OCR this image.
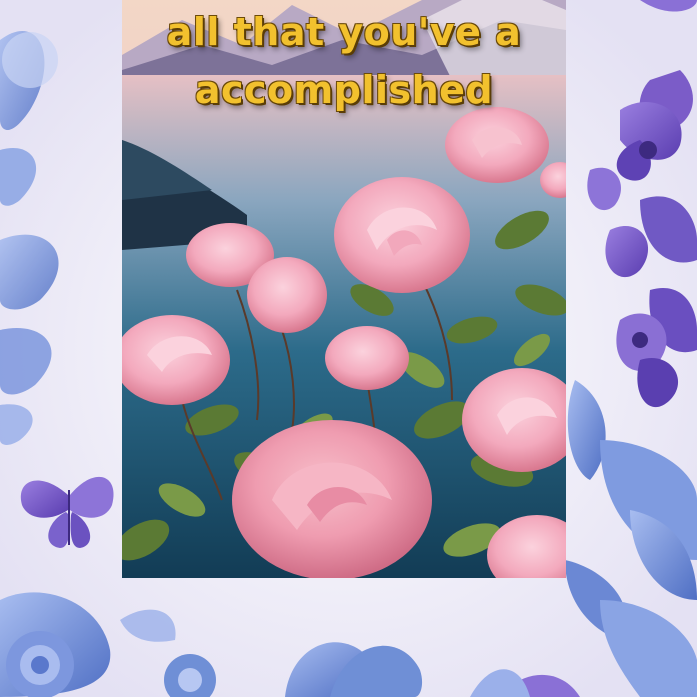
all that you've a
accomplished
